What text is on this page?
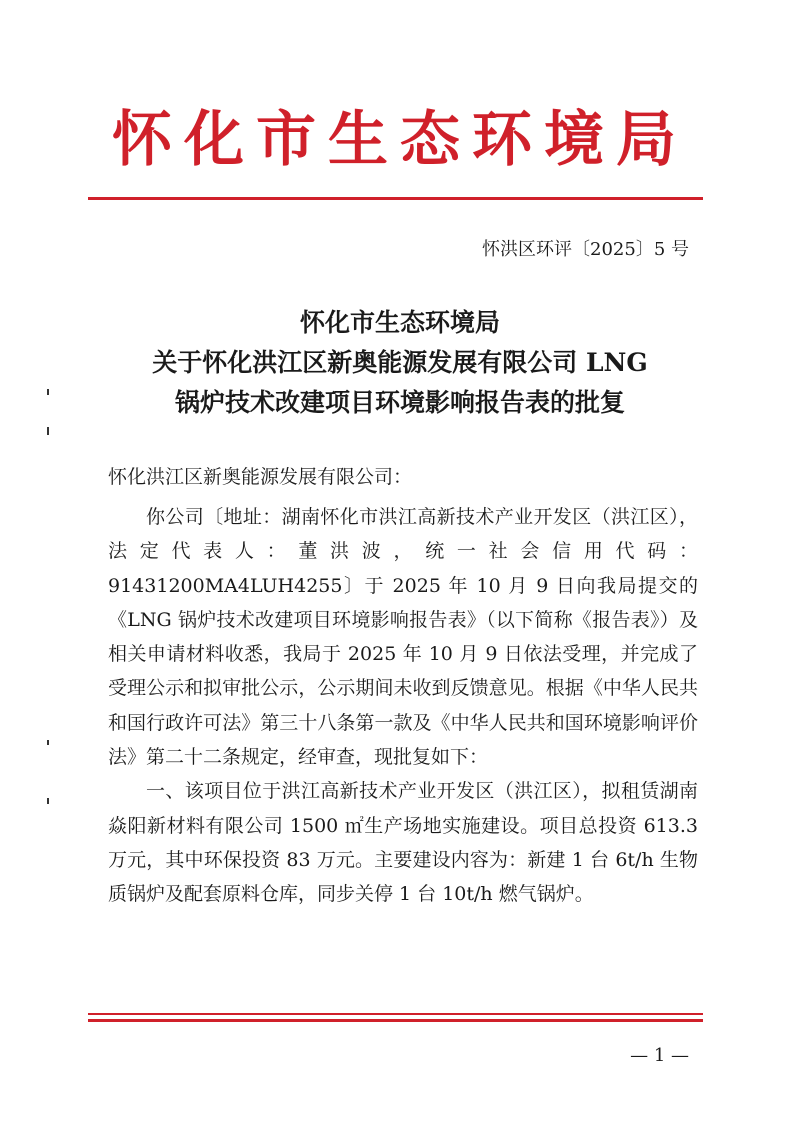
怀化市生态环境局
怀洪区环评〔2025〕5 号
怀化市生态环境局
关于怀化洪江区新奥能源发展有限公司 LNG
锅炉技术改建项目环境影响报告表的批复
怀化洪江区新奥能源发展有限公司：

你公司〔地址：湖南怀化市洪江高新技术产业开发区（洪江区），法定代表人：董洪波，统一社会信用代码：91431200MA4LUH4255〕于 2025 年 10 月 9 日向我局提交的《LNG 锅炉技术改建项目环境影响报告表》（以下简称《报告表》）及相关申请材料收悉，我局于 2025 年 10 月 9 日依法受理，并完成了受理公示和拟审批公示，公示期间未收到反馈意见。根据《中华人民共和国行政许可法》第三十八条第一款及《中华人民共和国环境影响评价法》第二十二条规定，经审查，现批复如下：

一、该项目位于洪江高新技术产业开发区（洪江区），拟租赁湖南焱阳新材料有限公司 1500 ㎡生产场地实施建设。项目总投资 613.3 万元，其中环保投资 83 万元。主要建设内容为：新建 1 台 6t/h 生物质锅炉及配套原料仓库，同步关停 1 台 10t/h 燃气锅炉。

— 1 —
